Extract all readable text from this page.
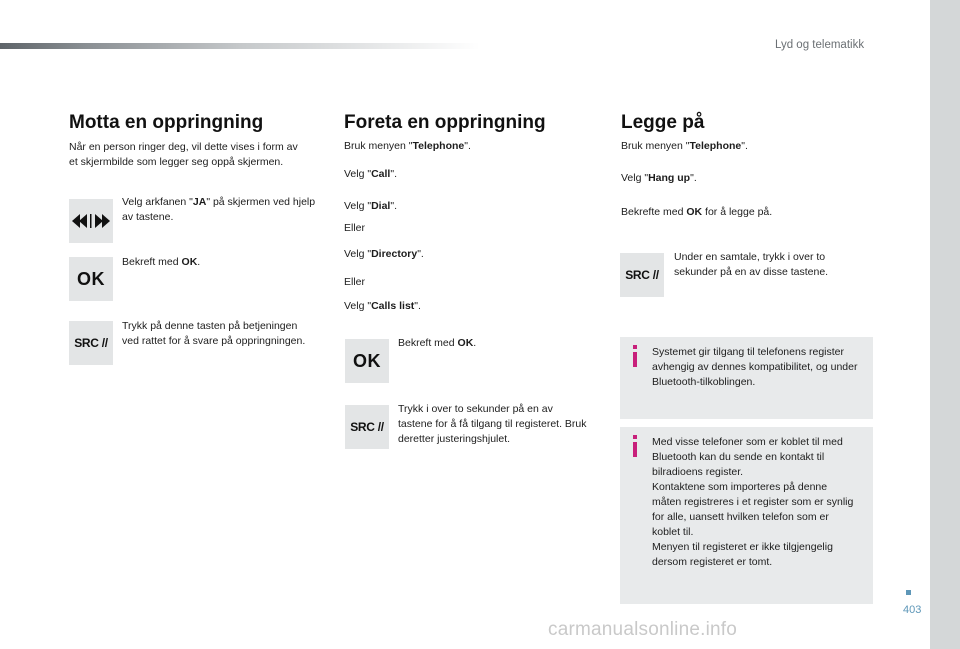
Lyd og telematikk
403
carmanualsonline.info
Motta en oppringning
Når en person ringer deg, vil dette vises i form av et skjermbilde som legger seg oppå skjermen.
Velg arkfanen "JA" på skjermen ved hjelp av tastene.
OK
Bekreft med OK.
SRC //
Trykk på denne tasten på betjeningen ved rattet for å svare på oppringningen.
Foreta en oppringning
Bruk menyen "Telephone".
Velg "Call".
Velg "Dial".
Eller
Velg "Directory".
Eller
Velg "Calls list".
OK
Bekreft med OK.
SRC //
Trykk i over to sekunder på en av tastene for å få tilgang til registeret. Bruk deretter justeringshjulet.
Legge på
Bruk menyen "Telephone".
Velg "Hang up".
Bekrefte med OK for å legge på.
SRC //
Under en samtale, trykk i over to sekunder på en av disse tastene.
Systemet gir tilgang til telefonens register avhengig av dennes kompatibilitet, og under Bluetooth-tilkoblingen.
Med visse telefoner som er koblet til med Bluetooth kan du sende en kontakt til bilradioens register.
Kontaktene som importeres på denne måten registreres i et register som er synlig for alle, uansett hvilken telefon som er koblet til.
Menyen til registeret er ikke tilgjengelig dersom registeret er tomt.
